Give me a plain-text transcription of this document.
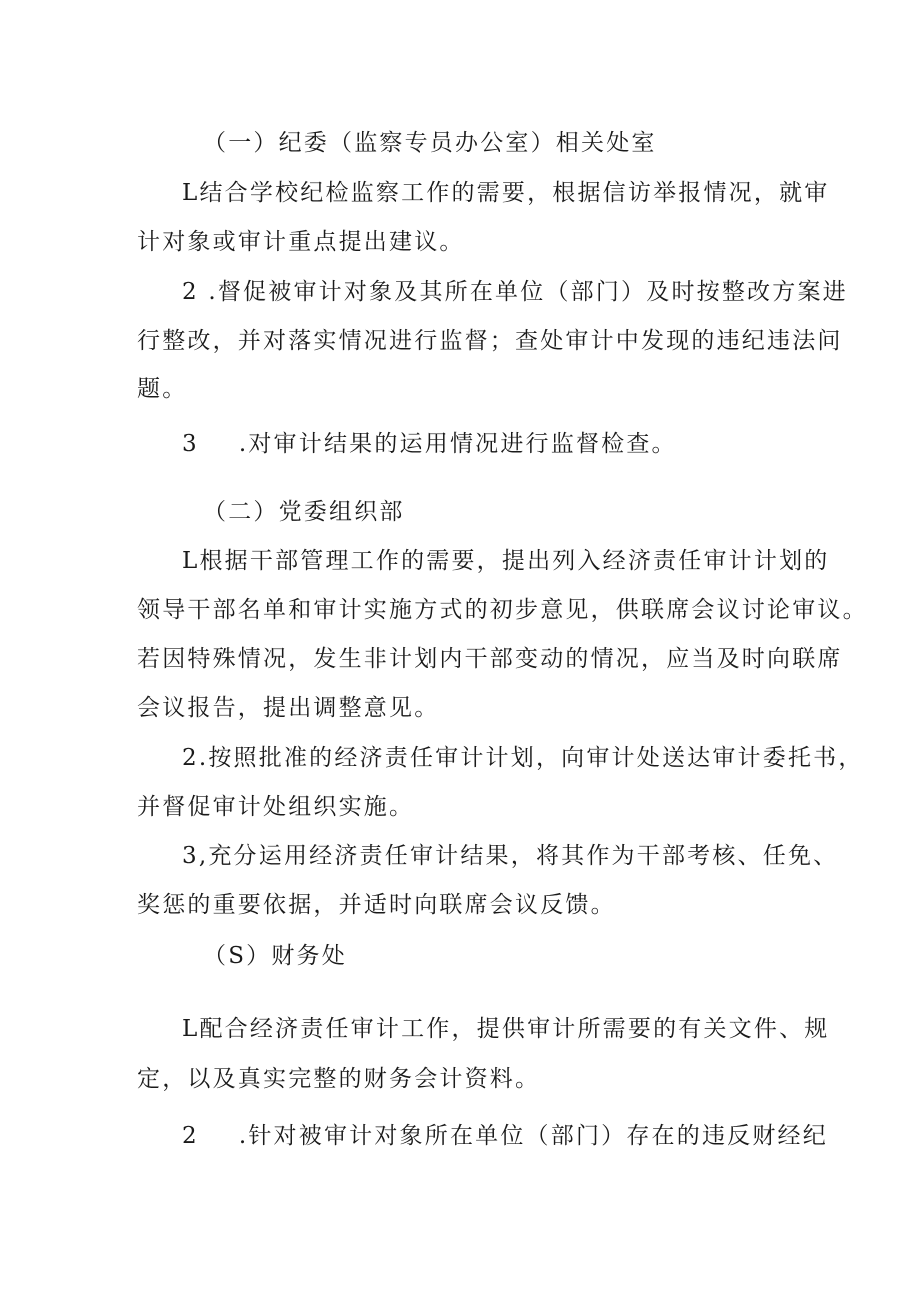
（一）纪委（监察专员办公室）相关处室
L结合学校纪检监察工作的需要，根据信访举报情况，就审
计对象或审计重点提出建议。
2 .督促被审计对象及其所在单位（部门）及时按整改方案进
行整改，并对落实情况进行监督；查处审计中发现的违纪违法问
题。
3 .对审计结果的运用情况进行监督检查。
（二）党委组织部
L根据干部管理工作的需要，提出列入经济责任审计计划的
领导干部名单和审计实施方式的初步意见，供联席会议讨论审议。
若因特殊情况，发生非计划内干部变动的情况，应当及时向联席
会议报告，提出调整意见。
2.按照批准的经济责任审计计划，向审计处送达审计委托书，
并督促审计处组织实施。
3,充分运用经济责任审计结果，将其作为干部考核、任免、
奖惩的重要依据，并适时向联席会议反馈。
（S）财务处
L配合经济责任审计工作，提供审计所需要的有关文件、规
定，以及真实完整的财务会计资料。
2 .针对被审计对象所在单位（部门）存在的违反财经纪
